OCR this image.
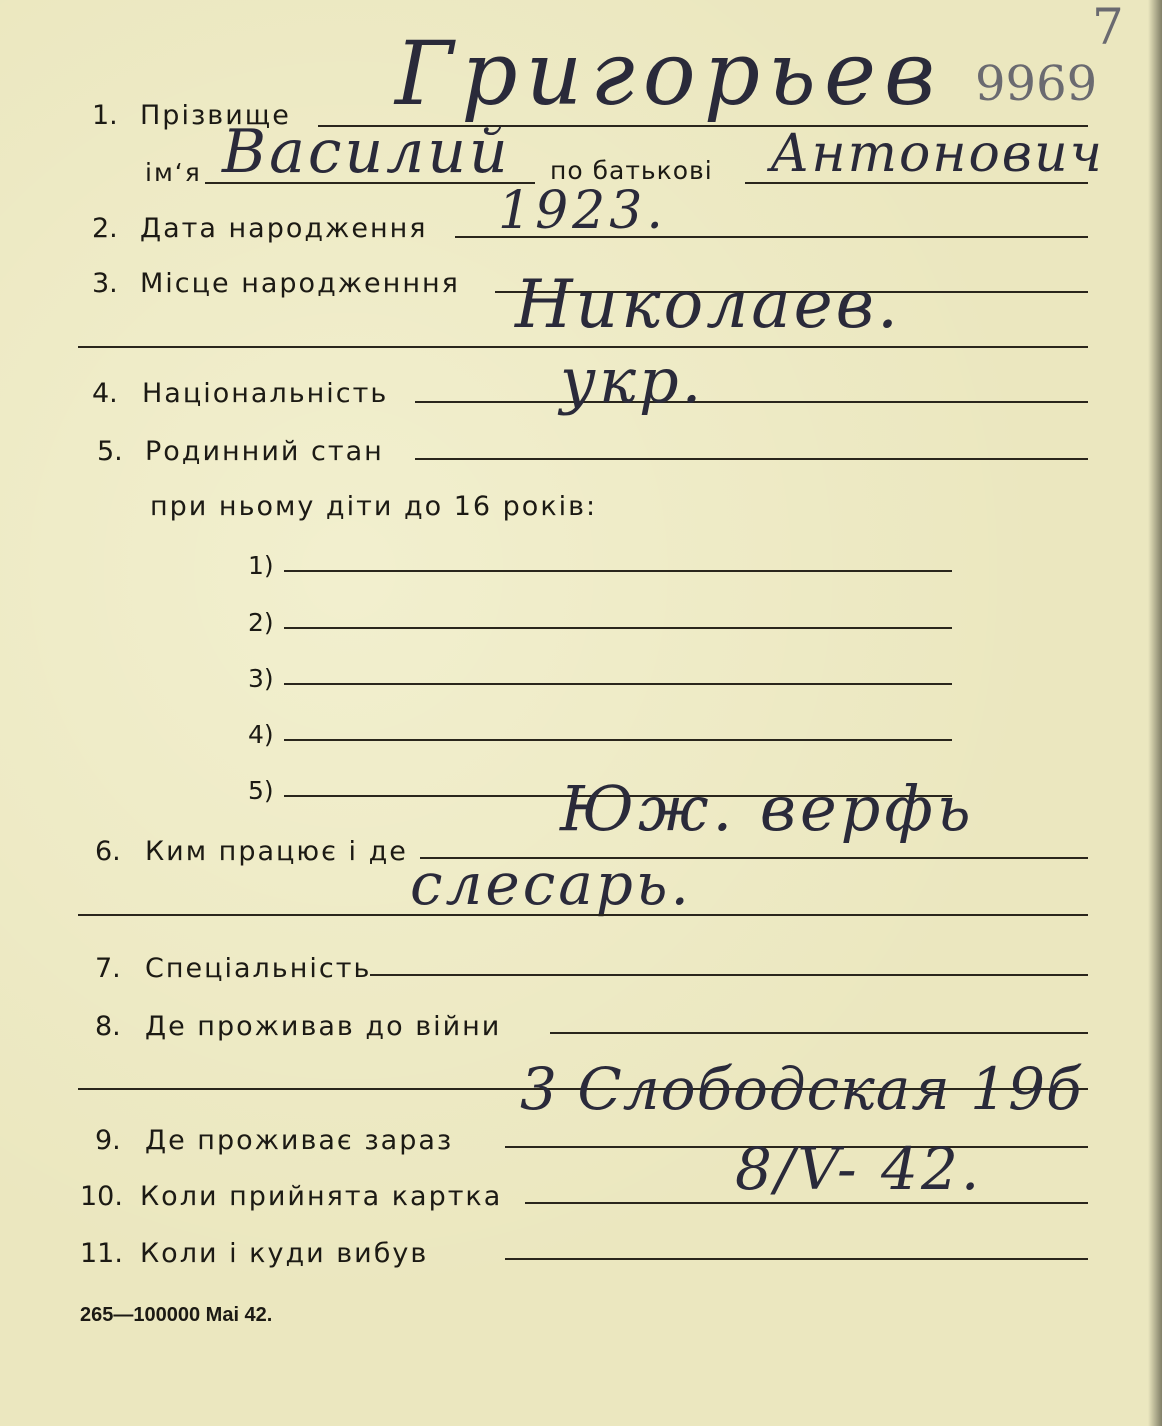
9969
7
1. Прізвище Григорьев
ім‘я Василий по батькові Антонович
2. Дата народження 1923.
3. Місце народженння Николаев.
4. Національність	укр.
5. Родинний стан
при ньому діти до 16 років:
1)
2)
3)
4)
5)
6. Ким працює і де
Юж. верфь
слесарь.
7. Спеціальність
8. Де проживав до війни
3 Слободская 19б
9. Де проживає зараз
10. Коли прийнята картка	8/V- 42.
11. Коли і куди вибув
265—100000 Mai 42.
